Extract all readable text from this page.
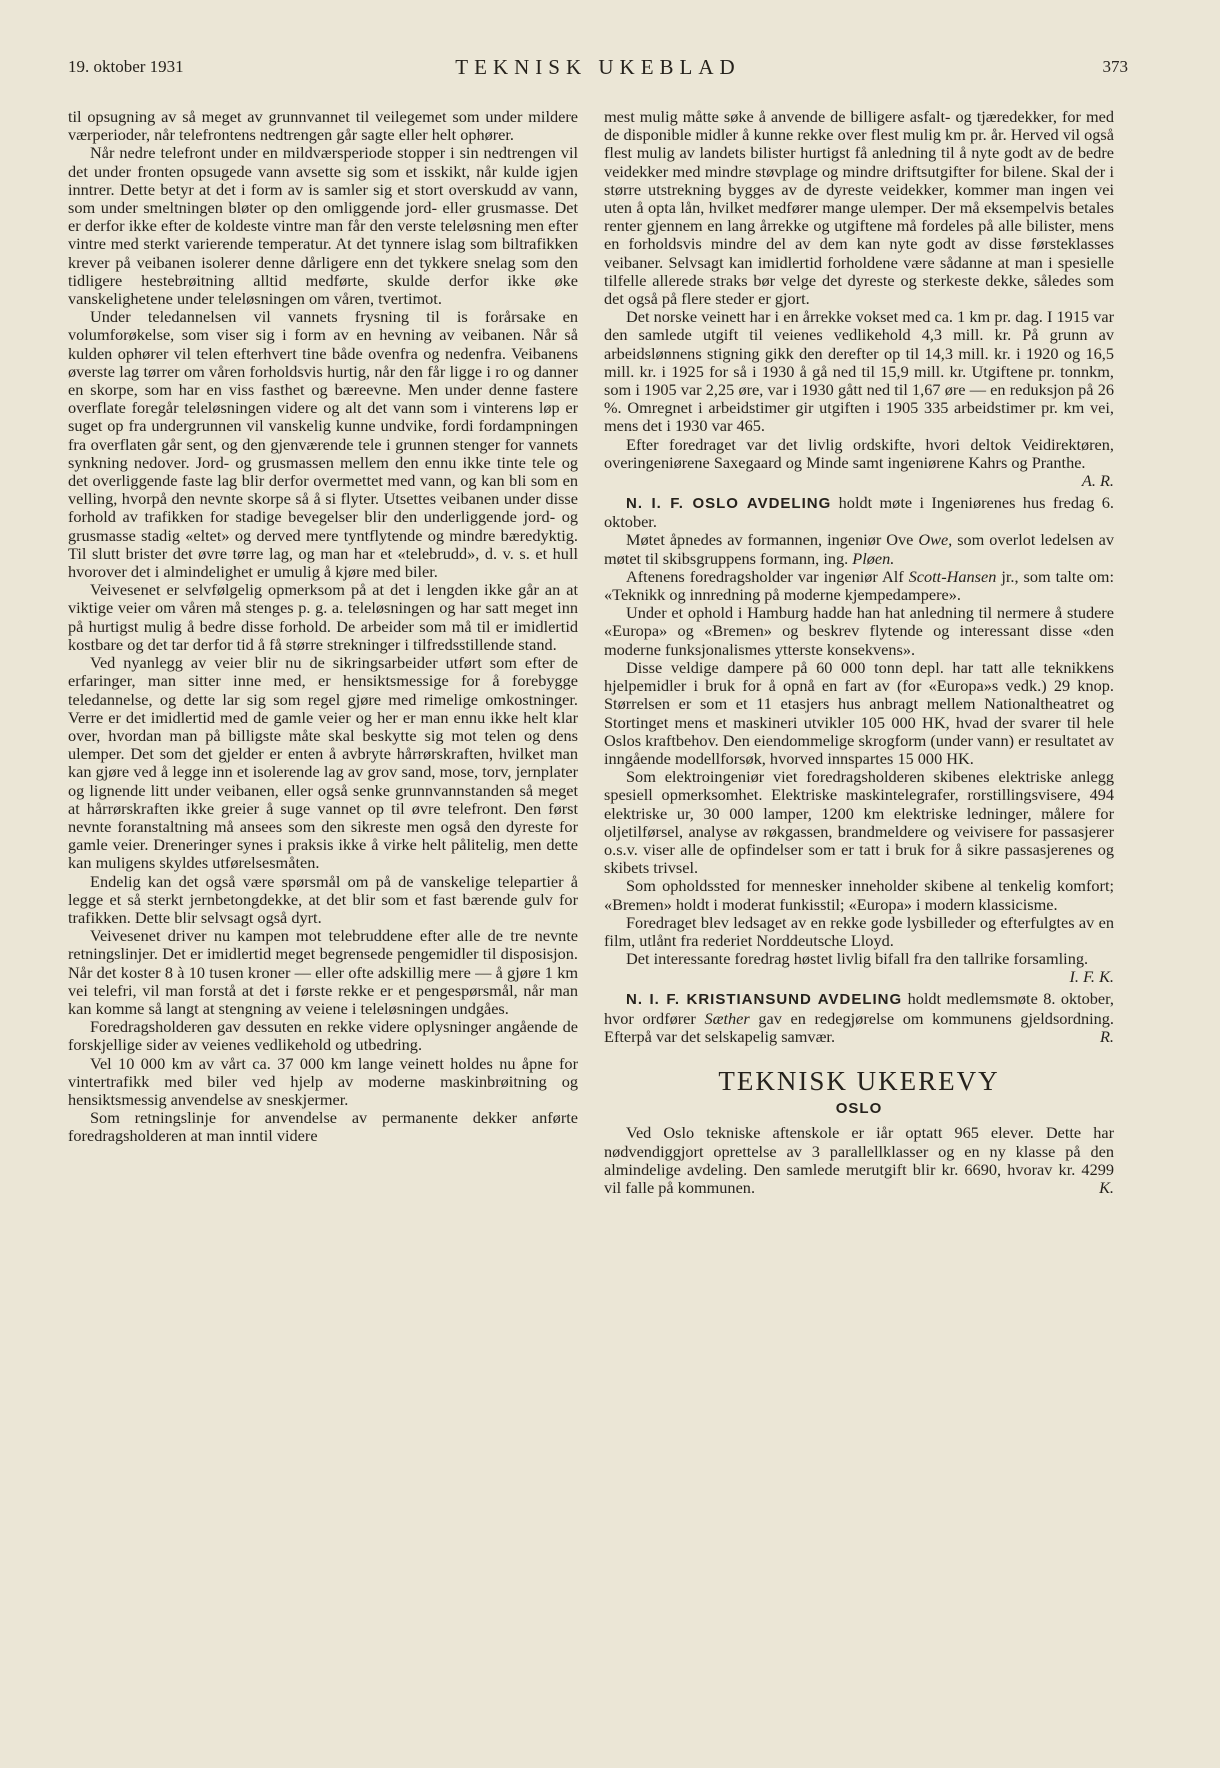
19. oktober 1931	TEKNISK UKEBLAD	373

til opsugning av så meget av grunnvannet til veilegemet som under mildere værperioder, når telefrontens nedtrengen går sagte eller helt ophører.

Når nedre telefront under en mildværsperiode stopper i sin nedtrengen vil det under fronten opsugede vann avsette sig som et isskikt, når kulde igjen inntrer. Dette betyr at det i form av is samler sig et stort overskudd av vann, som under smeltningen bløter op den omliggende jord- eller grusmasse. Det er derfor ikke efter de koldeste vintre man får den verste teleløsning men efter vintre med sterkt varierende temperatur. At det tynnere islag som biltrafikken krever på veibanen isolerer denne dårligere enn det tykkere snelag som den tidligere hestebrøitning alltid medførte, skulde derfor ikke øke vanskelighetene under teleløsningen om våren, tvertimot.

Under teledannelsen vil vannets frysning til is forårsake en volumforøkelse, som viser sig i form av en hevning av veibanen. Når så kulden ophører vil telen efterhvert tine både ovenfra og nedenfra. Veibanens øverste lag tørrer om våren forholdsvis hurtig, når den får ligge i ro og danner en skorpe, som har en viss fasthet og bæreevne. Men under denne fastere overflate foregår teleløsningen videre og alt det vann som i vinterens løp er suget op fra undergrunnen vil vanskelig kunne undvike, fordi fordampningen fra overflaten går sent, og den gjenværende tele i grunnen stenger for vannets synkning nedover. Jord- og grusmassen mellem den ennu ikke tinte tele og det overliggende faste lag blir derfor overmettet med vann, og kan bli som en velling, hvorpå den nevnte skorpe så å si flyter. Utsettes veibanen under disse forhold av trafikken for stadige bevegelser blir den underliggende jord- og grusmasse stadig «eltet» og derved mere tyntflytende og mindre bæredyktig. Til slutt brister det øvre tørre lag, og man har et «telebrudd», d. v. s. et hull hvorover det i almindelighet er umulig å kjøre med biler.

Veivesenet er selvfølgelig opmerksom på at det i lengden ikke går an at viktige veier om våren må stenges p. g. a. teleløsningen og har satt meget inn på hurtigst mulig å bedre disse forhold. De arbeider som må til er imidlertid kostbare og det tar derfor tid å få større strekninger i tilfredsstillende stand.

Ved nyanlegg av veier blir nu de sikringsarbeider utført som efter de erfaringer, man sitter inne med, er hensiktsmessige for å forebygge teledannelse, og dette lar sig som regel gjøre med rimelige omkostninger. Verre er det imidlertid med de gamle veier og her er man ennu ikke helt klar over, hvordan man på billigste måte skal beskytte sig mot telen og dens ulemper. Det som det gjelder er enten å avbryte hårrørskraften, hvilket man kan gjøre ved å legge inn et isolerende lag av grov sand, mose, torv, jernplater og lignende litt under veibanen, eller også senke grunnvannstanden så meget at hårrørskraften ikke greier å suge vannet op til øvre telefront. Den først nevnte foranstaltning må ansees som den sikreste men også den dyreste for gamle veier. Dreneringer synes i praksis ikke å virke helt pålitelig, men dette kan muligens skyldes utførelsesmåten.

Endelig kan det også være spørsmål om på de vanskelige telepartier å legge et så sterkt jernbetongdekke, at det blir som et fast bærende gulv for trafikken. Dette blir selvsagt også dyrt.

Veivesenet driver nu kampen mot telebruddene efter alle de tre nevnte retningslinjer. Det er imidlertid meget begrensede pengemidler til disposisjon. Når det koster 8 à 10 tusen kroner — eller ofte adskillig mere — å gjøre 1 km vei telefri, vil man forstå at det i første rekke er et pengespørsmål, når man kan komme så langt at stengning av veiene i teleløsningen undgåes.

Foredragsholderen gav dessuten en rekke videre oplysninger angående de forskjellige sider av veienes vedlikehold og utbedring.

Vel 10 000 km av vårt ca. 37 000 km lange veinett holdes nu åpne for vintertrafikk med biler ved hjelp av moderne maskinbrøitning og hensiktsmessig anvendelse av sneskjermer.

Som retningslinje for anvendelse av permanente dekker anførte foredragsholderen at man inntil videre

mest mulig måtte søke å anvende de billigere asfalt- og tjæredekker, for med de disponible midler å kunne rekke over flest mulig km pr. år. Herved vil også flest mulig av landets bilister hurtigst få anledning til å nyte godt av de bedre veidekker med mindre støvplage og mindre driftsutgifter for bilene. Skal der i større utstrekning bygges av de dyreste veidekker, kommer man ingen vei uten å opta lån, hvilket medfører mange ulemper. Der må eksempelvis betales renter gjennem en lang årrekke og utgiftene må fordeles på alle bilister, mens en forholdsvis mindre del av dem kan nyte godt av disse førsteklasses veibaner. Selvsagt kan imidlertid forholdene være sådanne at man i spesielle tilfelle allerede straks bør velge det dyreste og sterkeste dekke, således som det også på flere steder er gjort.

Det norske veinett har i en årrekke vokset med ca. 1 km pr. dag. I 1915 var den samlede utgift til veienes vedlikehold 4,3 mill. kr. På grunn av arbeidslønnens stigning gikk den derefter op til 14,3 mill. kr. i 1920 og 16,5 mill. kr. i 1925 for så i 1930 å gå ned til 15,9 mill. kr. Utgiftene pr. tonnkm, som i 1905 var 2,25 øre, var i 1930 gått ned til 1,67 øre — en reduksjon på 26 %. Omregnet i arbeidstimer gir utgiften i 1905 335 arbeidstimer pr. km vei, mens det i 1930 var 465.

Efter foredraget var det livlig ordskifte, hvori deltok Veidirektøren, overingeniørene Saxegaard og Minde samt ingeniørene Kahrs og Pranthe.
A. R.

N. I. F. OSLO AVDELING holdt møte i Ingeniørenes hus fredag 6. oktober.

Møtet åpnedes av formannen, ingeniør Ove Owe, som overlot ledelsen av møtet til skibsgruppens formann, ing. Pløen.

Aftenens foredragsholder var ingeniør Alf Scott-Hansen jr., som talte om: «Teknikk og innredning på moderne kjempedampere».

Under et ophold i Hamburg hadde han hat anledning til nermere å studere «Europa» og «Bremen» og beskrev flytende og interessant disse «den moderne funksjonalismes ytterste konsekvens».

Disse veldige dampere på 60 000 tonn depl. har tatt alle teknikkens hjelpemidler i bruk for å opnå en fart av (for «Europa»s vedk.) 29 knop. Størrelsen er som et 11 etasjers hus anbragt mellem Nationaltheatret og Stortinget mens et maskineri utvikler 105 000 HK, hvad der svarer til hele Oslos kraftbehov. Den eiendommelige skrogform (under vann) er resultatet av inngående modellforsøk, hvorved innspartes 15 000 HK.

Som elektroingeniør viet foredragsholderen skibenes elektriske anlegg spesiell opmerksomhet. Elektriske maskintelegrafer, rorstillingsvisere, 494 elektriske ur, 30 000 lamper, 1200 km elektriske ledninger, målere for oljetilførsel, analyse av røkgassen, brandmeldere og veivisere for passasjerer o.s.v. viser alle de opfindelser som er tatt i bruk for å sikre passasjerenes og skibets trivsel.

Som opholdssted for mennesker inneholder skibene al tenkelig komfort; «Bremen» holdt i moderat funkisstil; «Europa» i modern klassicisme.

Foredraget blev ledsaget av en rekke gode lysbilleder og efterfulgtes av en film, utlånt fra rederiet Norddeutsche Lloyd.

Det interessante foredrag høstet livlig bifall fra den tallrike forsamling.
I. F. K.

N. I. F. KRISTIANSUND AVDELING holdt medlemsmøte 8. oktober, hvor ordfører Sæther gav en redegjørelse om kommunens gjeldsordning. Efterpå var det selskapelig samvær.	R.

TEKNISK UKEREVY
OSLO

Ved Oslo tekniske aftenskole er iår optatt 965 elever. Dette har nødvendiggjort oprettelse av 3 parallellklasser og en ny klasse på den almindelige avdeling. Den samlede merutgift blir kr. 6690, hvorav kr. 4299 vil falle på kommunen.	K.
